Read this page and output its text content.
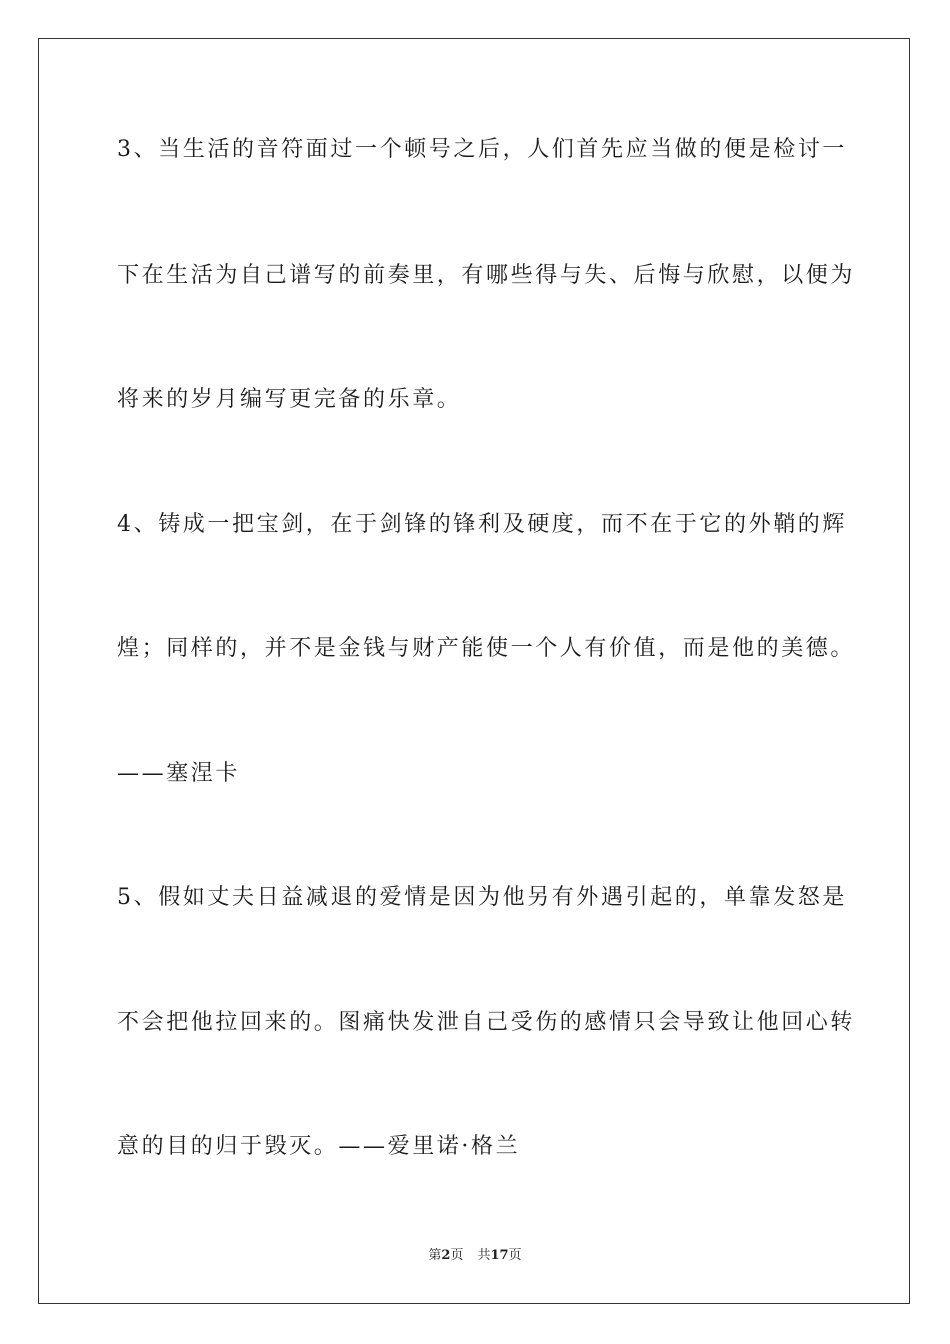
3、当生活的音符面过一个顿号之后，人们首先应当做的便是检讨一
下在生活为自己谱写的前奏里，有哪些得与失、后悔与欣慰，以便为
将来的岁月编写更完备的乐章。
4、铸成一把宝剑，在于剑锋的锋利及硬度，而不在于它的外鞘的辉
煌；同样的，并不是金钱与财产能使一个人有价值，而是他的美德。
——塞涅卡
5、假如丈夫日益减退的爱情是因为他另有外遇引起的，单靠发怒是
不会把他拉回来的。图痛快发泄自己受伤的感情只会导致让他回心转
意的目的归于毁灭。——爱里诺·格兰
第2页 共17页
